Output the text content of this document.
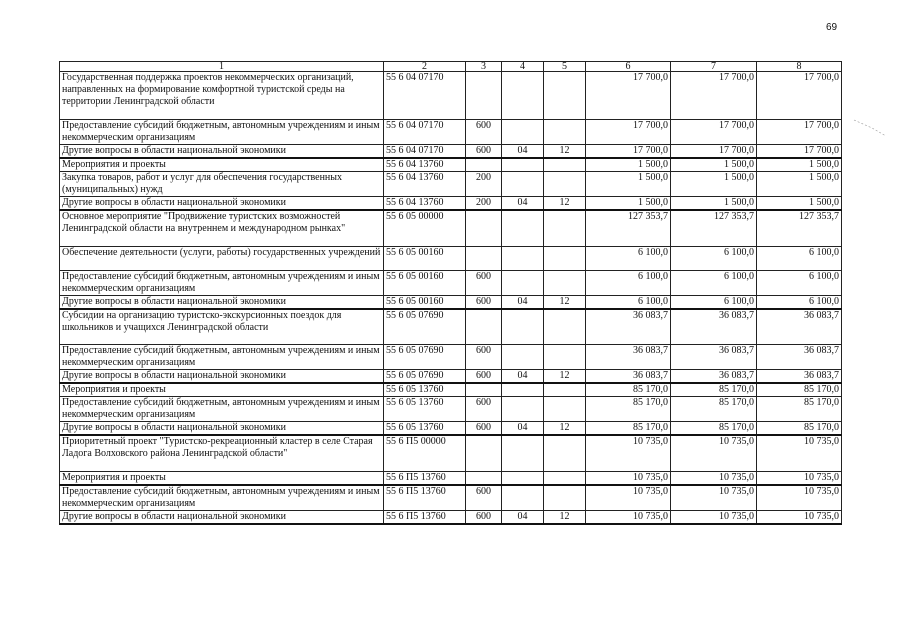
69
1	2	3	4	5	6	7	8
Государственная поддержка проектов некоммерческих организаций, направленных на формирование комфортной туристской среды на территории Ленинградской области	55 6 04 07170				17 700,0	17 700,0	17 700,0
Предоставление субсидий бюджетным, автономным учреждениям и иным некоммерческим организациям	55 6 04 07170	600			17 700,0	17 700,0	17 700,0
Другие вопросы в области национальной экономики	55 6 04 07170	600	04	12	17 700,0	17 700,0	17 700,0
Мероприятия и проекты	55 6 04 13760				1 500,0	1 500,0	1 500,0
Закупка товаров, работ и услуг для обеспечения государственных (муниципальных) нужд	55 6 04 13760	200			1 500,0	1 500,0	1 500,0
Другие вопросы в области национальной экономики	55 6 04 13760	200	04	12	1 500,0	1 500,0	1 500,0
Основное мероприятие "Продвижение туристских возможностей Ленинградской области на внутреннем и международном рынках"	55 6 05 00000				127 353,7	127 353,7	127 353,7
Обеспечение деятельности (услуги, работы) государственных учреждений	55 6 05 00160				6 100,0	6 100,0	6 100,0
Предоставление субсидий бюджетным, автономным учреждениям и иным некоммерческим организациям	55 6 05 00160	600			6 100,0	6 100,0	6 100,0
Другие вопросы в области национальной экономики	55 6 05 00160	600	04	12	6 100,0	6 100,0	6 100,0
Субсидии на организацию туристско-экскурсионных поездок для школьников и учащихся Ленинградской области	55 6 05 07690				36 083,7	36 083,7	36 083,7
Предоставление субсидий бюджетным, автономным учреждениям и иным некоммерческим организациям	55 6 05 07690	600			36 083,7	36 083,7	36 083,7
Другие вопросы в области национальной экономики	55 6 05 07690	600	04	12	36 083,7	36 083,7	36 083,7
Мероприятия и проекты	55 6 05 13760				85 170,0	85 170,0	85 170,0
Предоставление субсидий бюджетным, автономным учреждениям и иным некоммерческим организациям	55 6 05 13760	600			85 170,0	85 170,0	85 170,0
Другие вопросы в области национальной экономики	55 6 05 13760	600	04	12	85 170,0	85 170,0	85 170,0
Приоритетный проект "Туристско-рекреационный кластер в селе Старая Ладога Волховского района Ленинградской области"	55 6 П5 00000				10 735,0	10 735,0	10 735,0
Мероприятия и проекты	55 6 П5 13760				10 735,0	10 735,0	10 735,0
Предоставление субсидий бюджетным, автономным учреждениям и иным некоммерческим организациям	55 6 П5 13760	600			10 735,0	10 735,0	10 735,0
Другие вопросы в области национальной экономики	55 6 П5 13760	600	04	12	10 735,0	10 735,0	10 735,0
